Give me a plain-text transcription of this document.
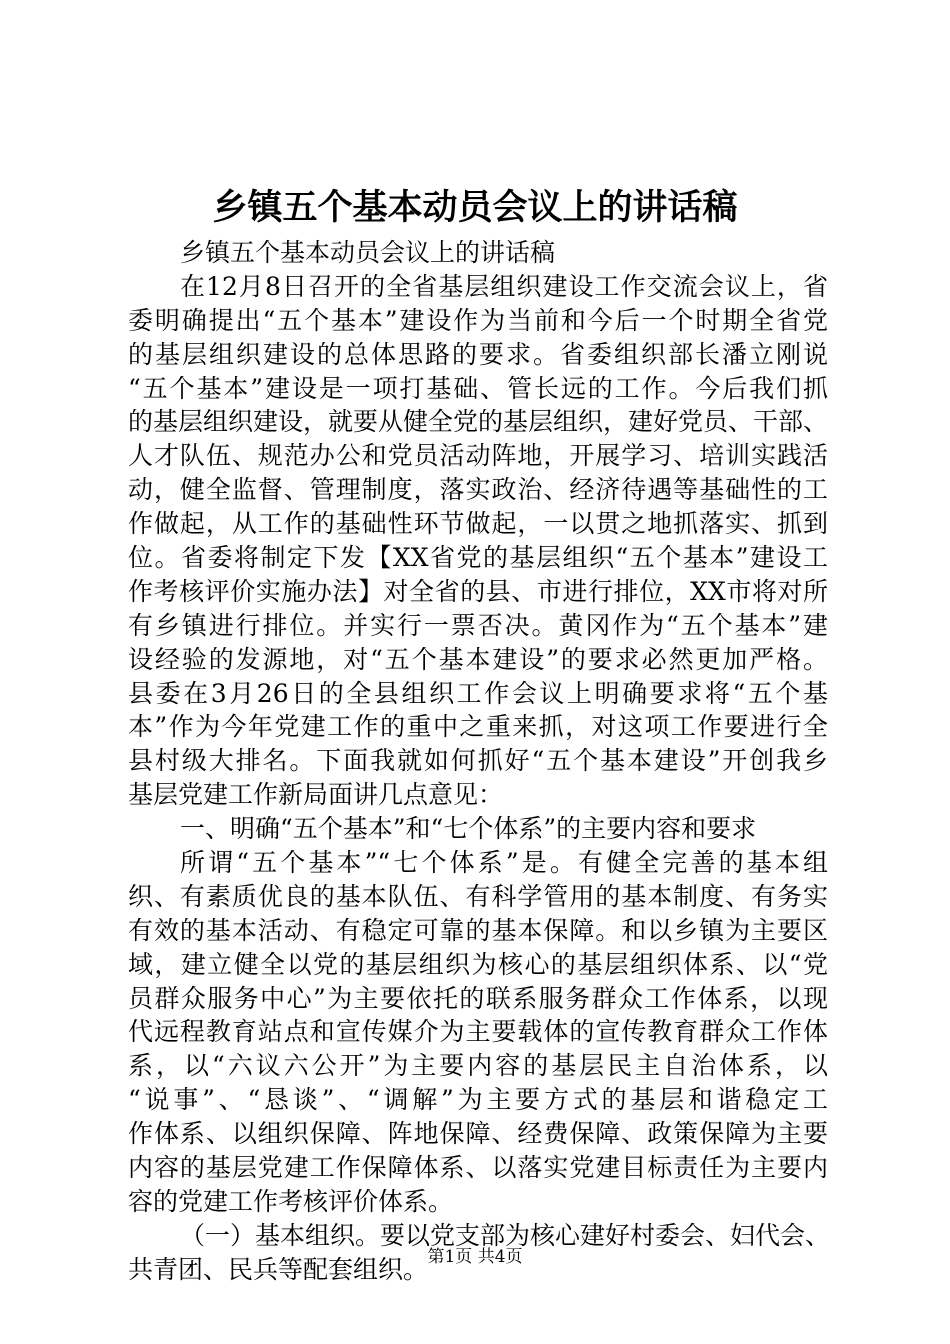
乡镇五个基本动员会议上的讲话稿
乡镇五个基本动员会议上的讲话稿
在12月8日召开的全省基层组织建设工作交流会议上，省
委明确提出“五个基本”建设作为当前和今后一个时期全省党
的基层组织建设的总体思路的要求。省委组织部长潘立刚说
“五个基本”建设是一项打基础、管长远的工作。今后我们抓
的基层组织建设，就要从健全党的基层组织，建好党员、干部、
人才队伍、规范办公和党员活动阵地，开展学习、培训实践活
动，健全监督、管理制度，落实政治、经济待遇等基础性的工
作做起，从工作的基础性环节做起，一以贯之地抓落实、抓到
位。省委将制定下发【XX省党的基层组织“五个基本”建设工
作考核评价实施办法】对全省的县、市进行排位，XX市将对所
有乡镇进行排位。并实行一票否决。黄冈作为“五个基本”建
设经验的发源地，对“五个基本建设”的要求必然更加严格。
县委在3月26日的全县组织工作会议上明确要求将“五个基
本”作为今年党建工作的重中之重来抓，对这项工作要进行全
县村级大排名。下面我就如何抓好“五个基本建设”开创我乡
基层党建工作新局面讲几点意见：
一、明确“五个基本”和“七个体系”的主要内容和要求
所谓“五个基本”“七个体系”是。有健全完善的基本组
织、有素质优良的基本队伍、有科学管用的基本制度、有务实
有效的基本活动、有稳定可靠的基本保障。和以乡镇为主要区
域，建立健全以党的基层组织为核心的基层组织体系、以“党
员群众服务中心”为主要依托的联系服务群众工作体系，以现
代远程教育站点和宣传媒介为主要载体的宣传教育群众工作体
系，以“六议六公开”为主要内容的基层民主自治体系，以
“说事”、“恳谈”、“调解”为主要方式的基层和谐稳定工
作体系、以组织保障、阵地保障、经费保障、政策保障为主要
内容的基层党建工作保障体系、以落实党建目标责任为主要内
容的党建工作考核评价体系。
（一）基本组织。要以党支部为核心建好村委会、妇代会、
共青团、民兵等配套组织。 第1页 共4页
